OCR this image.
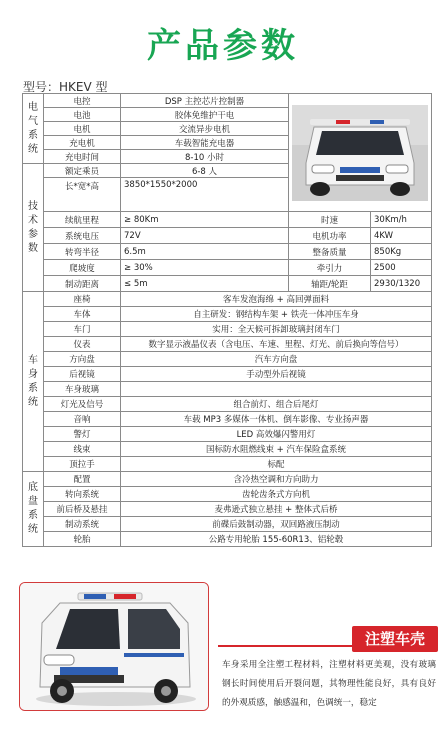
产品参数
型号：HKEV 型
电
气
系
统	电控	DSP 主控芯片控制器	

	电池	胶体免维护干电		
	电机	交流异步电机		
	充电机	车载智能充电器		
	充电时间	8-10 小时		

技
术
参
数	额定乘员	6-8 人		
	长*宽*高	3850*1550*2000		
	续航里程	≥ 80Km	时速	30Km/h
	系统电压	72V	电机功率	4KW
	转弯半径	6.5m	整备质量	850Kg
	爬坡度	≥ 30%	牵引力	2500
	制动距离	≤ 5m	轴距/轮距	2930/1320

车
身
系
统	座椅	客车发泡海绵 + 高回弹面料		
	车体	自主研发：钢结构车架 + 铁壳一体冲压车身		
	车门	实用：全天候可拆卸玻璃封闭车门		
	仪表	数字显示液晶仪表（含电压、车速、里程、灯光、前后换向等信号）		
	方向盘	汽车方向盘		
	后视镜	手动型外后视镜		
	车身玻璃			
	灯光及信号	组合前灯、组合后尾灯		
	音响	车载 MP3 多媒体一体机、倒车影像、专业扬声器		
	警灯	LED 高效爆闪警用灯		
	线束	国标防水阻燃线束 + 汽车保险盒系统		
	顶拉手	标配		

底
盘
系
统	配置	含冷热空调和方向助力		
	转向系统	齿轮齿条式方向机		
	前后桥及悬挂	麦弗逊式独立悬挂 + 整体式后桥		
	制动系统	前碟后鼓制动器，双回路液压制动		
	轮胎	公路专用轮胎 155-60R13、铝轮毂		
注塑车壳
车身采用全注塑工程材料，注塑材料更美观，没有玻璃钢长时间使用后开裂问题，其物理性能良好，具有良好的外观质感，触感温和，色调统一，稳定
